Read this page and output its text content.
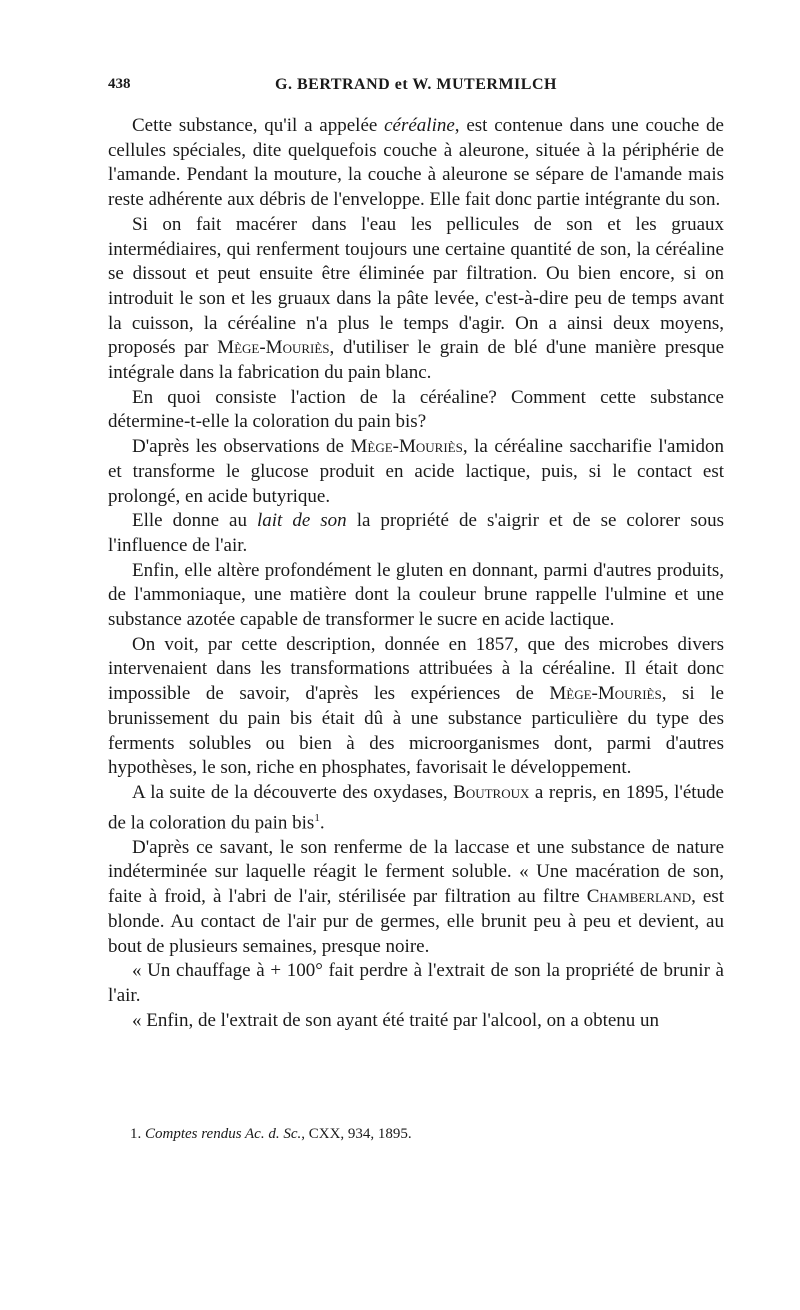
438	G. BERTRAND et W. MUTERMILCH

Cette substance, qu'il a appelée céréaline, est contenue dans une couche de cellules spéciales, dite quelquefois couche à aleurone, située à la périphérie de l'amande. Pendant la mouture, la couche à aleurone se sépare de l'amande mais reste adhérente aux débris de l'enveloppe. Elle fait donc partie intégrante du son.

Si on fait macérer dans l'eau les pellicules de son et les gruaux intermédiaires, qui renferment toujours une certaine quantité de son, la céréaline se dissout et peut ensuite être éliminée par filtration. Ou bien encore, si on introduit le son et les gruaux dans la pâte levée, c'est-à-dire peu de temps avant la cuisson, la céréaline n'a plus le temps d'agir. On a ainsi deux moyens, proposés par Mège-Mouriès, d'utiliser le grain de blé d'une manière presque intégrale dans la fabrication du pain blanc.

En quoi consiste l'action de la céréaline? Comment cette substance détermine-t-elle la coloration du pain bis?

D'après les observations de Mège-Mouriès, la céréaline saccharifie l'amidon et transforme le glucose produit en acide lactique, puis, si le contact est prolongé, en acide butyrique.

Elle donne au lait de son la propriété de s'aigrir et de se colorer sous l'influence de l'air.

Enfin, elle altère profondément le gluten en donnant, parmi d'autres produits, de l'ammoniaque, une matière dont la couleur brune rappelle l'ulmine et une substance azotée capable de transformer le sucre en acide lactique.

On voit, par cette description, donnée en 1857, que des microbes divers intervenaient dans les transformations attribuées à la céréaline. Il était donc impossible de savoir, d'après les expériences de Mège-Mouriès, si le brunissement du pain bis était dû à une substance particulière du type des ferments solubles ou bien à des microorganismes dont, parmi d'autres hypothèses, le son, riche en phosphates, favorisait le développement.

A la suite de la découverte des oxydases, Boutroux a repris, en 1895, l'étude de la coloration du pain bis$^1$.

D'après ce savant, le son renferme de la laccase et une substance de nature indéterminée sur laquelle réagit le ferment soluble. « Une macération de son, faite à froid, à l'abri de l'air, stérilisée par filtration au filtre Chamberland, est blonde. Au contact de l'air pur de germes, elle brunit peu à peu et devient, au bout de plusieurs semaines, presque noire.

« Un chauffage à + 100° fait perdre à l'extrait de son la propriété de brunir à l'air.

« Enfin, de l'extrait de son ayant été traité par l'alcool, on a obtenu un

1. Comptes rendus Ac. d. Sc., CXX, 934, 1895.
